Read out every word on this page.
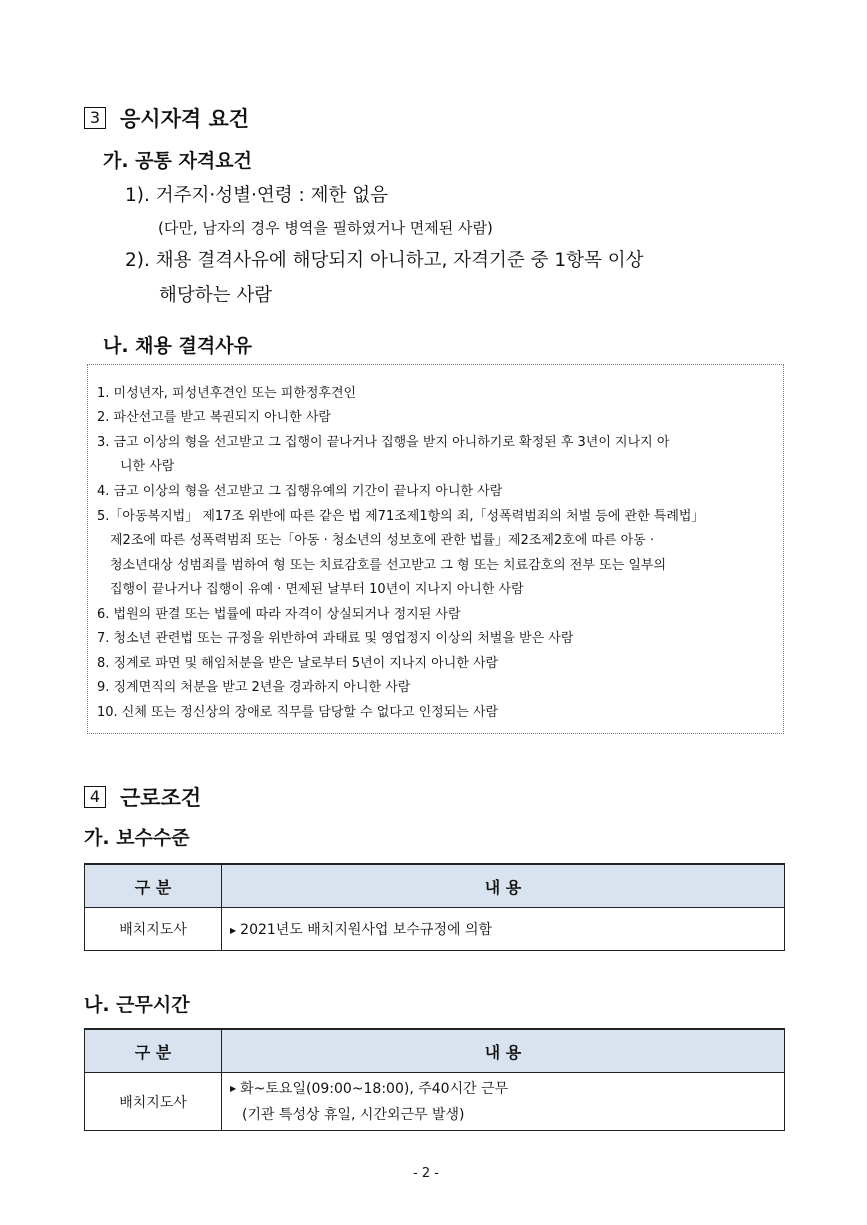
3 응시자격 요건
가. 공통 자격요건
1). 거주지·성별·연령 : 제한 없음
(다만, 남자의 경우 병역을 필하였거나 면제된 사람)
2). 채용 결격사유에 해당되지 아니하고, 자격기준 중 1항목 이상
해당하는 사람
나. 채용 결격사유
1. 미성년자, 피성년후견인 또는 피한정후견인
2. 파산선고를 받고 복권되지 아니한 사람
3. 금고 이상의 형을 선고받고 그 집행이 끝나거나 집행을 받지 아니하기로 확정된 후 3년이 지나지 아
니한 사람
4. 금고 이상의 형을 선고받고 그 집행유예의 기간이 끝나지 아니한 사람
5.「아동복지법」 제17조 위반에 따른 같은 법 제71조제1항의 죄,「성폭력범죄의 처벌 등에 관한 특례법」
제2조에 따른 성폭력범죄 또는「아동 · 청소년의 성보호에 관한 법률」제2조제2호에 따른 아동 ·
청소년대상 성범죄를 범하여 형 또는 치료감호를 선고받고 그 형 또는 치료감호의 전부 또는 일부의
집행이 끝나거나 집행이 유예 · 면제된 날부터 10년이 지나지 아니한 사람
6. 법원의 판결 또는 법률에 따라 자격이 상실되거나 정지된 사람
7. 청소년 관련법 또는 규정을 위반하여 과태료 및 영업정지 이상의 처벌을 받은 사람
8. 징계로 파면 및 해임처분을 받은 날로부터 5년이 지나지 아니한 사람
9. 징계면직의 처분을 받고 2년을 경과하지 아니한 사람
10. 신체 또는 정신상의 장애로 직무를 담당할 수 없다고 인정되는 사람
4 근로조건
가. 보수수준
구 분	내 용
배치지도사	▶ 2021년도 배치지원사업 보수규정에 의함
나. 근무시간
구 분	내 용
배치지도사	▶ 화~토요일(09:00~18:00), 주40시간 근무
(기관 특성상 휴일, 시간외근무 발생)
- 2 -
